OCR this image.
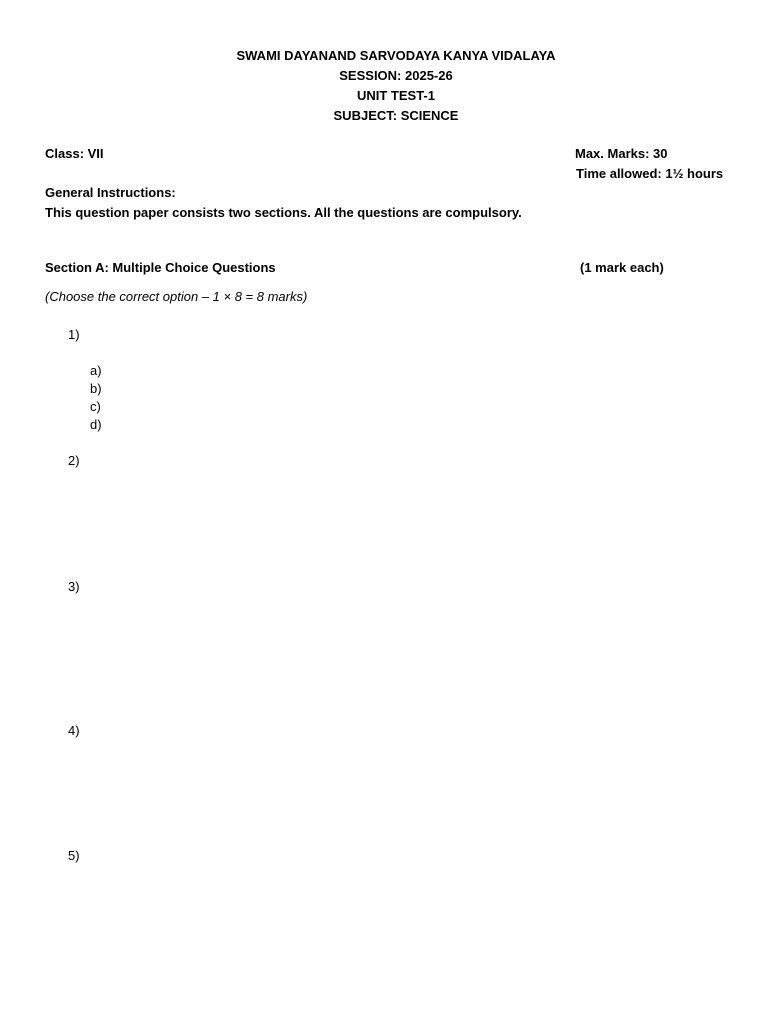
SWAMI DAYANAND SARVODAYA KANYA VIDALAYA
SESSION: 2025-26
UNIT TEST-1
SUBJECT: SCIENCE
Class: VII	Max. Marks: 30
Time allowed: 1½ hours
General Instructions:
This question paper consists two sections. All the questions are compulsory.
Section A: Multiple Choice Questions	(1 mark each)
(Choose the correct option – 1 × 8 = 8 marks)
1)
a)
b)
c)
d)
2)
3)
4)
5)
